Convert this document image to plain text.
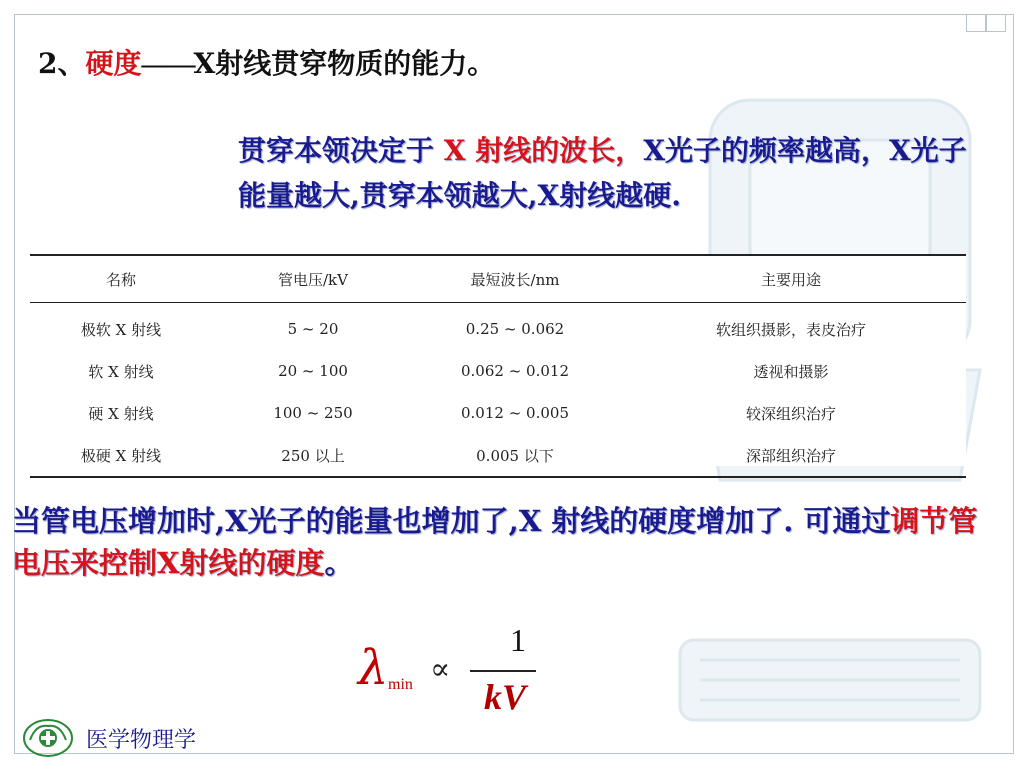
2、硬度——X射线贯穿物质的能力。
贯穿本领决定于 X 射线的波长，X光子的频率越高，X光子能量越大,贯穿本领越大,X射线越硬.
名称	管电压/kV	最短波长/nm	主要用途
极软 X 射线	5 ~ 20	0.25 ~ 0.062	软组织摄影，表皮治疗
软 X 射线	20 ~ 100	0.062 ~ 0.012	透视和摄影
硬 X 射线	100 ~ 250	0.012 ~ 0.005	较深组织治疗
极硬 X 射线	250 以上	0.005 以下	深部组织治疗
当管电压增加时,X光子的能量也增加了,X 射线的硬度增加了. 可通过调节管电压来控制X射线的硬度。
λ min ∝
1
kV
医学物理学
